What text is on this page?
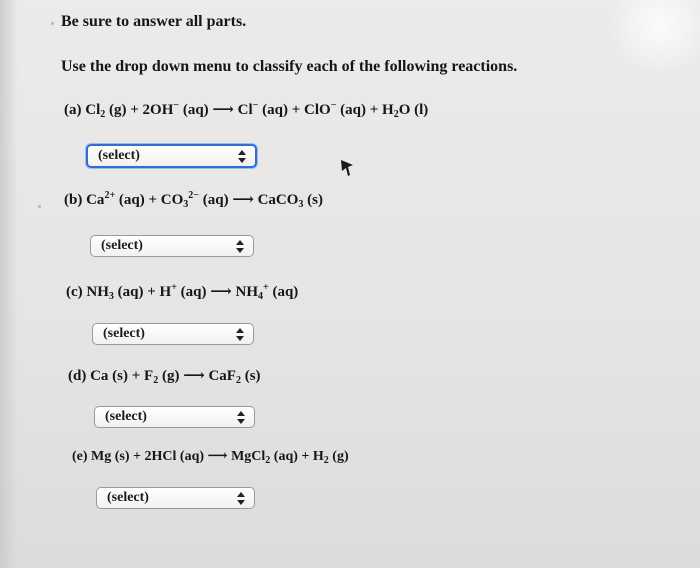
Be sure to answer all parts.
Use the drop down menu to classify each of the following reactions.
(a) $Cl_2$ (g) + 2OH− (aq) ⟶ Cl− (aq) + ClO− $(aq) + H_2O$ (l)
(select)
(b) $Ca^{2+}$ $(aq) + CO_3^{2-}$ (aq) ⟶ CaCO$_3$ (s)
(select)
(c) $NH_3$ (aq) + H+ (aq) ⟶ $NH_4^+$ (aq)
(select)
(d) Ca $(s) + F_2$ (g) ⟶ CaF$_2$ (s)
(select)
(e) Mg (s) + 2HCl (aq) ⟶ MgCl$_2$ $(aq) + H_2$ (g)
(select)
